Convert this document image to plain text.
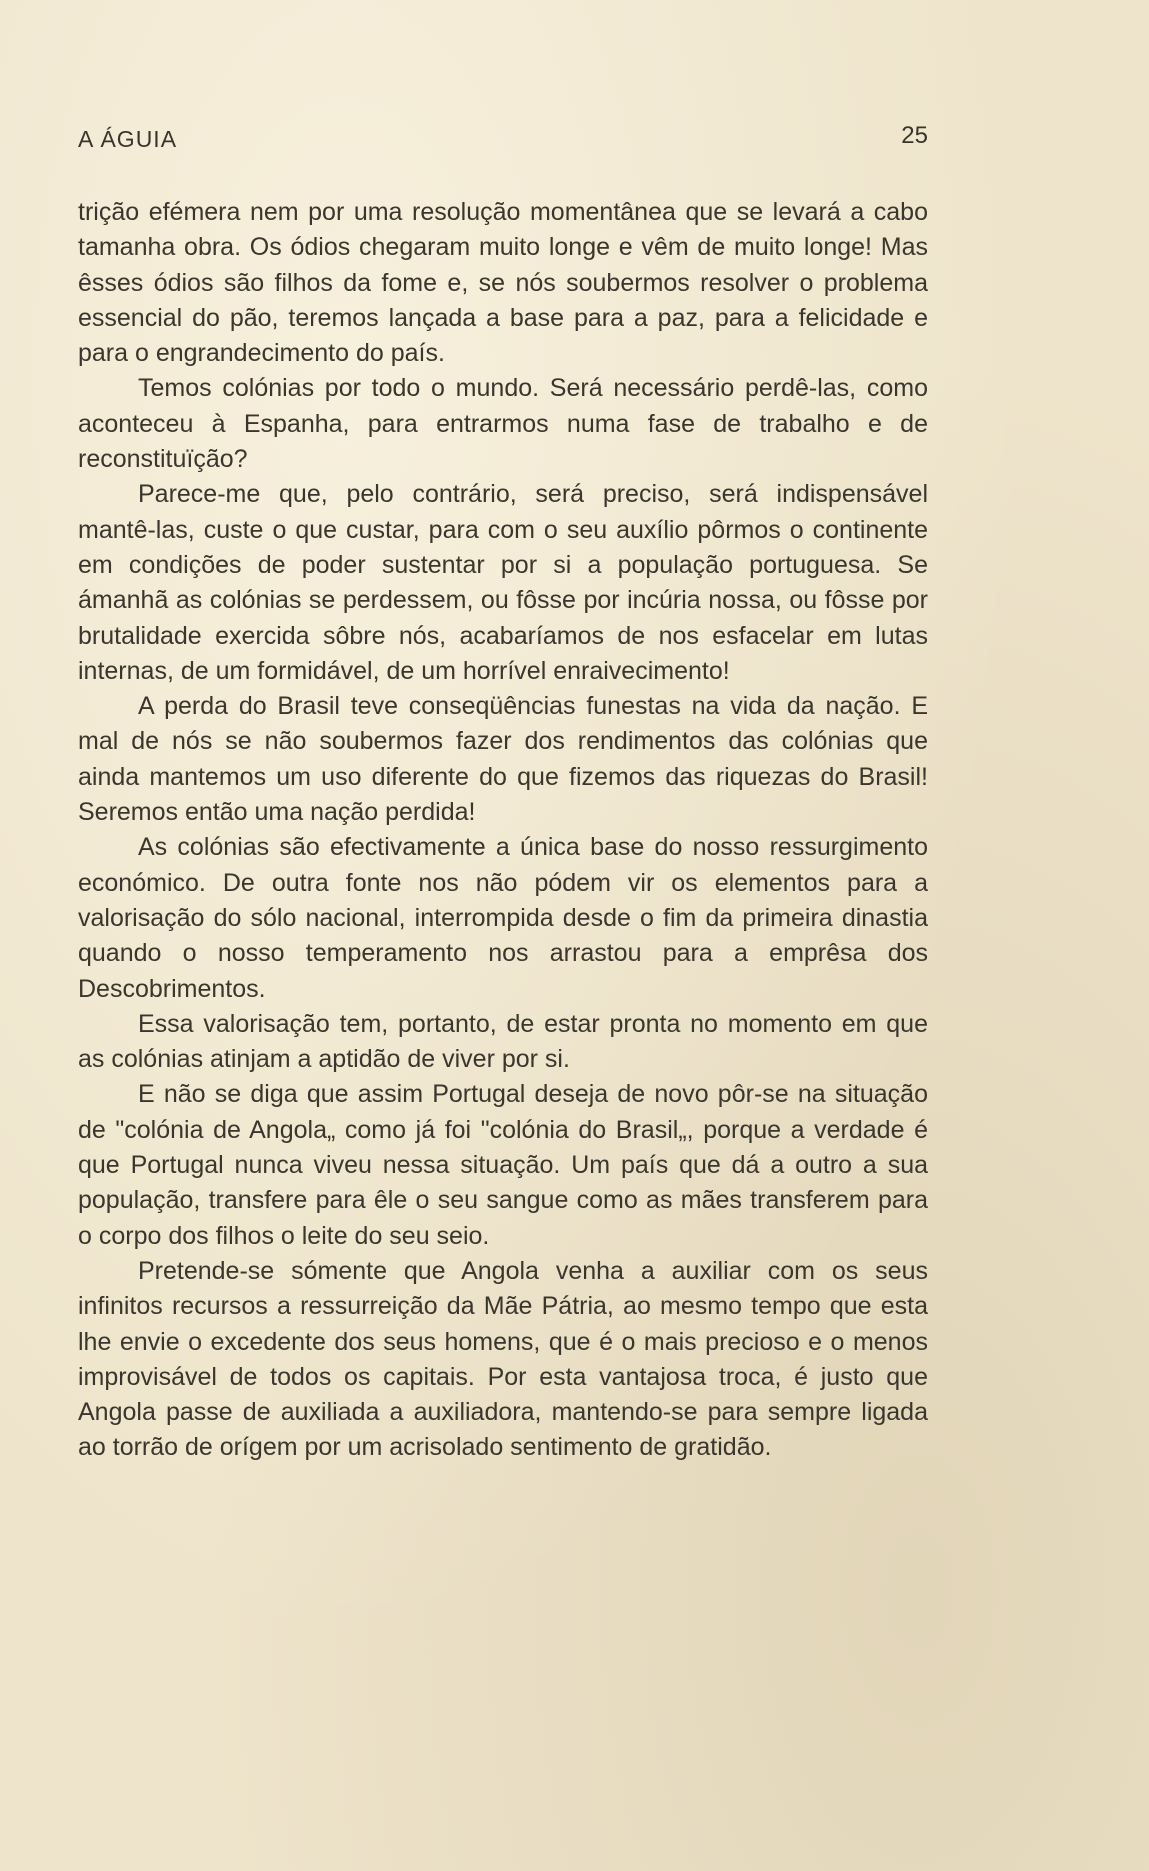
A ÁGUIA	25

trição efémera nem por uma resolução momentânea que se levará a cabo tamanha obra. Os ódios chegaram muito longe e vêm de muito longe! Mas êsses ódios são filhos da fome e, se nós soubermos resolver o problema essencial do pão, teremos lançada a base para a paz, para a felicidade e para o engrandecimento do país.

Temos colónias por todo o mundo. Será necessário perdê-las, como aconteceu à Espanha, para entrarmos numa fase de trabalho e de reconstituïção?

Parece-me que, pelo contrário, será preciso, será indispensável mantê-las, custe o que custar, para com o seu auxílio pôrmos o continente em condições de poder sustentar por si a população portuguesa. Se ámanhã as colónias se perdessem, ou fôsse por incúria nossa, ou fôsse por brutalidade exercida sôbre nós, acabaríamos de nos esfacelar em lutas internas, de um formidável, de um horrível enraivecimento!

A perda do Brasil teve conseqüências funestas na vida da nação. E mal de nós se não soubermos fazer dos rendimentos das colónias que ainda mantemos um uso diferente do que fizemos das riquezas do Brasil! Seremos então uma nação perdida!

As colónias são efectivamente a única base do nosso ressurgimento económico. De outra fonte nos não pódem vir os elementos para a valorisação do sólo nacional, interrompida desde o fim da primeira dinastia quando o nosso temperamento nos arrastou para a emprêsa dos Descobrimentos.

Essa valorisação tem, portanto, de estar pronta no momento em que as colónias atinjam a aptidão de viver por si.

E não se diga que assim Portugal deseja de novo pôr-se na situação de "colónia de Angola„ como já foi "colónia do Brasil„, porque a verdade é que Portugal nunca viveu nessa situação. Um país que dá a outro a sua população, transfere para êle o seu sangue como as mães transferem para o corpo dos filhos o leite do seu seio.

Pretende-se sómente que Angola venha a auxiliar com os seus infinitos recursos a ressurreição da Mãe Pátria, ao mesmo tempo que esta lhe envie o excedente dos seus homens, que é o mais precioso e o menos improvisável de todos os capitais. Por esta vantajosa troca, é justo que Angola passe de auxiliada a auxiliadora, mantendo-se para sempre ligada ao torrão de orígem por um acrisolado sentimento de gratidão.
